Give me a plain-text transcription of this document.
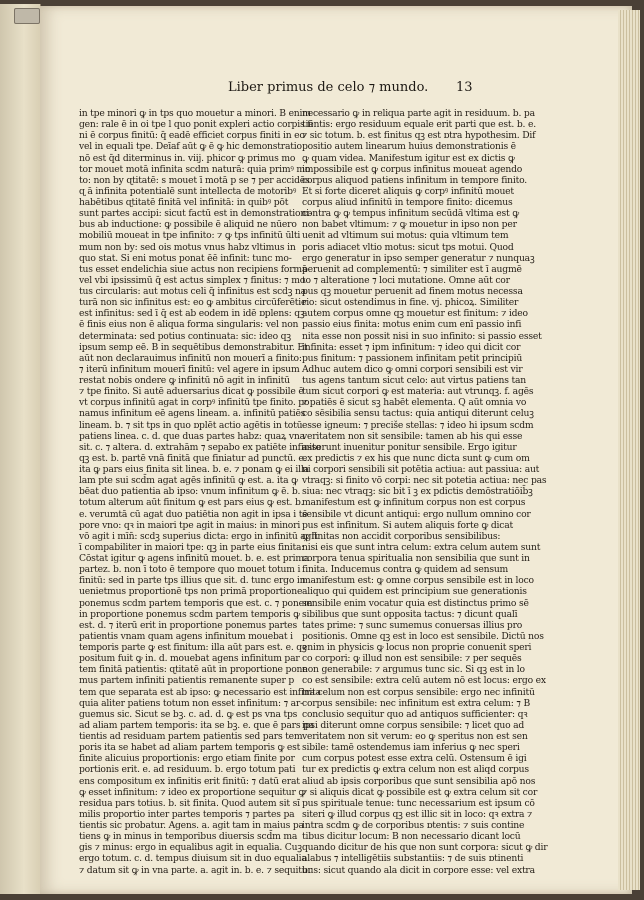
Liber primus de celo ⁊ mundo. 13
in tpe minori ꝙ in tps quo mouetur a minori. B enim
gen: rale ē in oi tpe l quo ponit expleri actio corpis fi
ni ē corpus finitū: q̄ eadē efficiet corpus finiti in eo
vel in equali tpe. Deīaf aūt ꝙ ē ꝙ hic demonstratio
nō est q̄d diterminus in. viij. phicor ꝙ primus mo
tor mouet motā infinita scdm naturā: quia primꝰ mo
to: non by ɋtitatē: s mouet ī motā p se ⁊ per accidēs
ɋ ā infinita potentialē sunt intellecta de motoribꝰ
habētibus ɋtitatē finitā vel infinitā: in quibꝰ pōt
sunt partes accipi: sicut factū est in demonstrationi-
bus ab inductione: ꝙ possibile ē aliquid ne nūero
mobiliū moueat in tpe infinito: ⁊ ꝙ tps infinitū ūlti
mum non by: sed ois motus vnus habz vltimus in
quo stat. Si eni motus ponat ēē infinit: tunc mo-
tus esset endelichia siue actus non recipiens formā
vel vbi ipsissimū q̄ est actus simplex ⁊ finitus: ⁊ mo
tus circularis: aut motus celi q̄ infinitus est scdꝫ na
turā non sic infinitus est: eo ꝙ ambitus circūferētie
est infinitus: sed ī q̄ est ab eodem in idē ɒplens: qꝫ
ē finis eius non ē aliqua forma singularis: vel non
determinata: sed potius continuata: sic: ideo qꝫ
ipsum semp eē. B in sequētibus demonstrabitur. Et
aūt non declarauimus infinitū non mouerī a finito:
⁊ iterū infinitum mouerī finitū: vel agere in ipsum
restat nobis ondere ꝙ infinitū nō agit in infinitū
⁊ tpe finito. Si autē aduersarius dicat ꝙ possibile ē
vt corpus infinitū agat in corpꝰ infinitū tpe finito. po
namus infinitum eē agens lineam. a. infinitū patiēs
lineam. b. ⁊ sit tps in quo ɒplēt actio agētis in totū
patiens linea. c. d. que duas partes habz: quaꝝ vna
sit. c. ⁊ altera. d. extrahām ⁊ sepabo ex patiēte infinito
qꝫ est. b. partē vnā finitā que finiatur ad punctū. e.
ita ꝙ pars eius finita sit linea. b. e. ⁊ ponam ꝙ ei illa
lam pte sui scd̄m agat agēs infinitū ꝙ est. a. ita ꝙ
bēat duo patientia ab ipso: vnum infinitum ꝙ ē. b.
totum alterum aūt finitum ꝙ est pars eius ꝙ est. b.
e. verumtā cū agat duo patiētia non agit in ipsa i tē
pore vno: qꝛ in maiori tpe agit in maius: in minori
vō agit i mīn̄: scdꝫ superius dicta: ergo in infinitū agit
ī compabiliter in maiori tpe: qꝫ in parte eius finita:
Cōstat igitur ꝙ agens infinitū mouet. b. e. est prima
partez. b. non ī toto ē tempore quo mouet totum i
finitū: sed in parte tps illius que sit. d. tunc ergo in
uenietmus proportionē tps non primā proportione
ponemus scdm partem temporis que est. c. ⁊ ponem
in proportione ponemus scdm partem temporis ꝙ
est. d. ⁊ iterū erit in proportione ponemus partes
patientis vnam quam agens infinitum mouebat i
temporis parte ꝙ est finitum: illa aūt pars est. e. qꝫ
positum fuit ꝙ in. d. mouebat agens infinitum par
tem finitā patientis: ɋtitatē aūt in proportione pone
mus partem infiniti patientis remanente super p
tem que separata est ab ipso: ꝙ necessario est infinita
quia aliter patiens totum non esset infinitum: ⁊ ar-
guemus sic. Sicut se bꝫ. c. ad. d. ꝙ est ps vna tps
ad aliam partem temporis: ita se bꝫ. e. que ē pars pa
tientis ad residuam partem patientis sed pars tem
poris ita se habet ad aliam partem temporis ꝙ est
finite alicuius proportionis: ergo etiam finite por
portionis erit. e. ad residuum. b. ergo totum pati
ens compositum ex infinitis erit finitū: ⁊ datū erat
ꝙ esset infinitum: ⁊ ideo ex proportione sequitur ꝙ
residua pars totius. b. sit finita. Quod autem sit sı̄
milis proportio inter partes temporis ⁊ partes pa
tientis sic probatur. Agens. a. agit tam in maius pa
tiens ꝙ in minus in temporibus diuersis scd̄m ma
gis ⁊ minus: ergo in equalibus agit in equalia. Cuꝫ
ergo totum. c. d. tempus diuisum sit in duo equalia
⁊ datum sit ꝙ in vna parte. a. agit in. b. e. ⁊ sequitur
necessario ꝙ in reliqua parte agit in residuum. b. pa
tientis: ergo residuum equale erit parti que est. b. e.
⁊ sic totum. b. est finitus qꝫ est ɒtra hypothesim. Dif
positio autem linearum huius demonstrationis ē
ꝙ quam videa. Manifestum igitur est ex dictis ꝙ
impossibile est ꝙ corpus infinitus moueat agendo
corpus aliquod patiens infinitum in tempore finito.
Et si forte diceret aliquis ꝙ corpꝰ infinitū mouet
corpus aliud infinitū in tempore finito: dicemus
contra ꝙ ꝙ tempus infinitum secūdā vltima est ꝙ
non babet vltimum: ⁊ ꝙ mouetur in ipso non per
uenit ad vltimum sui motus: quia vltimum tem
poris adiacet vltio motus: sicut tps motui. Quod
ergo generatur in ipso semper generatur ⁊ nunquaꝫ
peruenit ad complementū: ⁊ similiter est ī augmē
to ⁊ alteratione ⁊ loci mutatione. Omne aūt cor
pus qꝫ mouetur peruenit ad finem motus necessa
rio: sicut ostendimus in fine. vj. phicoꝝ. Similiter
autem corpus omne qꝫ mouetur est finitum: ⁊ ideo
passio eius finita: motus enim cum enī passio infi
nita esse non possit nisi in suo infinito: si passio esset
infinita: esset ⁊ ipm infinitum: ⁊ ideo qui dicit cor
pus finitum: ⁊ passionem infinitam petit principiū
Adhuc autem dico ꝙ omni corpori sensibili est vir
tus agens tantum sicut celo: aut virtus patiens tan
tum sicut corpori ꝙ est materia: aut vtrunqꝫ. f. agēs
⁊ patiēs ē sicut sꝫ habēt elementa. Q aūt omnia vo
co sēsibilia sensu tactus: quia antiqui diterunt celuꝫ
esse igneum: ⁊ preciše stellas: ⁊ ideo hi ipsum scdm
veritatem non sit sensibile: tamen ab his qui esse
asserunt inuenitur ponitur sensibile. Ergo igitur
ex predictis ⁊ ex his que nunc dicta sunt ꝙ cum om
ni corpori sensibili sit potētia actiua: aut passiua: aut
vtraqꝫ: si finito vō corpi: nec sit potetia actiua: nec pas
siua: nec vtraqꝫ: sic bit ī ꝫ ex pdictis demōstratiōib̄ꝫ
manifestum est ꝙ infinitum corpus non est corpus
sensibile vt dicunt antiqui: ergo nullum omnino cor
pus est infinitum. Si autem aliquis forte ꝙ dicat
ꝙ finitas non accidit corporibus sensibilibus:
nisi eis que sunt intra celum: extra celum autem sunt
corpora tenua spiritualia non sensibilia que sunt in
finita. Inducemus contra ꝙ quidem ad sensum
manifestum est: ꝙ omne corpus sensibile est in loco
aliquo qui quidem est principium sue generationis
sensibile enim vocatur quia est distinctus primo sē
sibilibus que sunt opposita tactus: ⁊ dicunt qualī
tates prime: ⁊ sunc sumemus conuersas illius pro
positionis. Omne qꝫ est in loco est sensibile. Dictū nos
enim in physicis ꝙ locus non proprie conuenit speri
co corpori: ꝙ illud non est sensibile: ⁊ per sequēs
non generabile: ⁊ argumus tunc sic. Si qꝫ est in lo
co est sensibile: extra celū autem nō est locus: ergo ex
tra celum non est corpus sensibile: ergo nec infinitū
corpus sensibile: nec infinitum est extra celum: ⁊ B
conclusio sequitur quo ad antiquos sufficienter: qꝛ
ipsi diterunt omne corpus sensibile: ⁊ licet quo ad
veritatem non sit verum: eo ꝙ speritus non est sen
sibile: tamē ostendemus iam inferius ꝙ nec speri
cum corpus potest esse extra celū. Ostensum ē igi
tur ex predictis ꝙ extra celum non est aliqd corpus
aliud ab ipsis corporibus que sunt sensibilia apō nos
⁊ si aliquis dicat ꝙ possibile est ꝙ extra celum sit cor
pus spirituale tenue: tunc necessarium est ipsum cō
siteri ꝙ illud corpus qꝫ est illic sit in loco: qꝛ extra ⁊
intra scdm ꝙ de corporibus ɒtentis: ⁊ suis contine
tibus dicitur locum: B non necessario dicant locū
quando dicitur de his que non sunt corpora: sicut ꝙ dir
alabus ⁊ intelligētiis substantiis: ⁊ de suis ɒtinenti
bus: sicut quando ala dicit in corpore esse: vel extra
